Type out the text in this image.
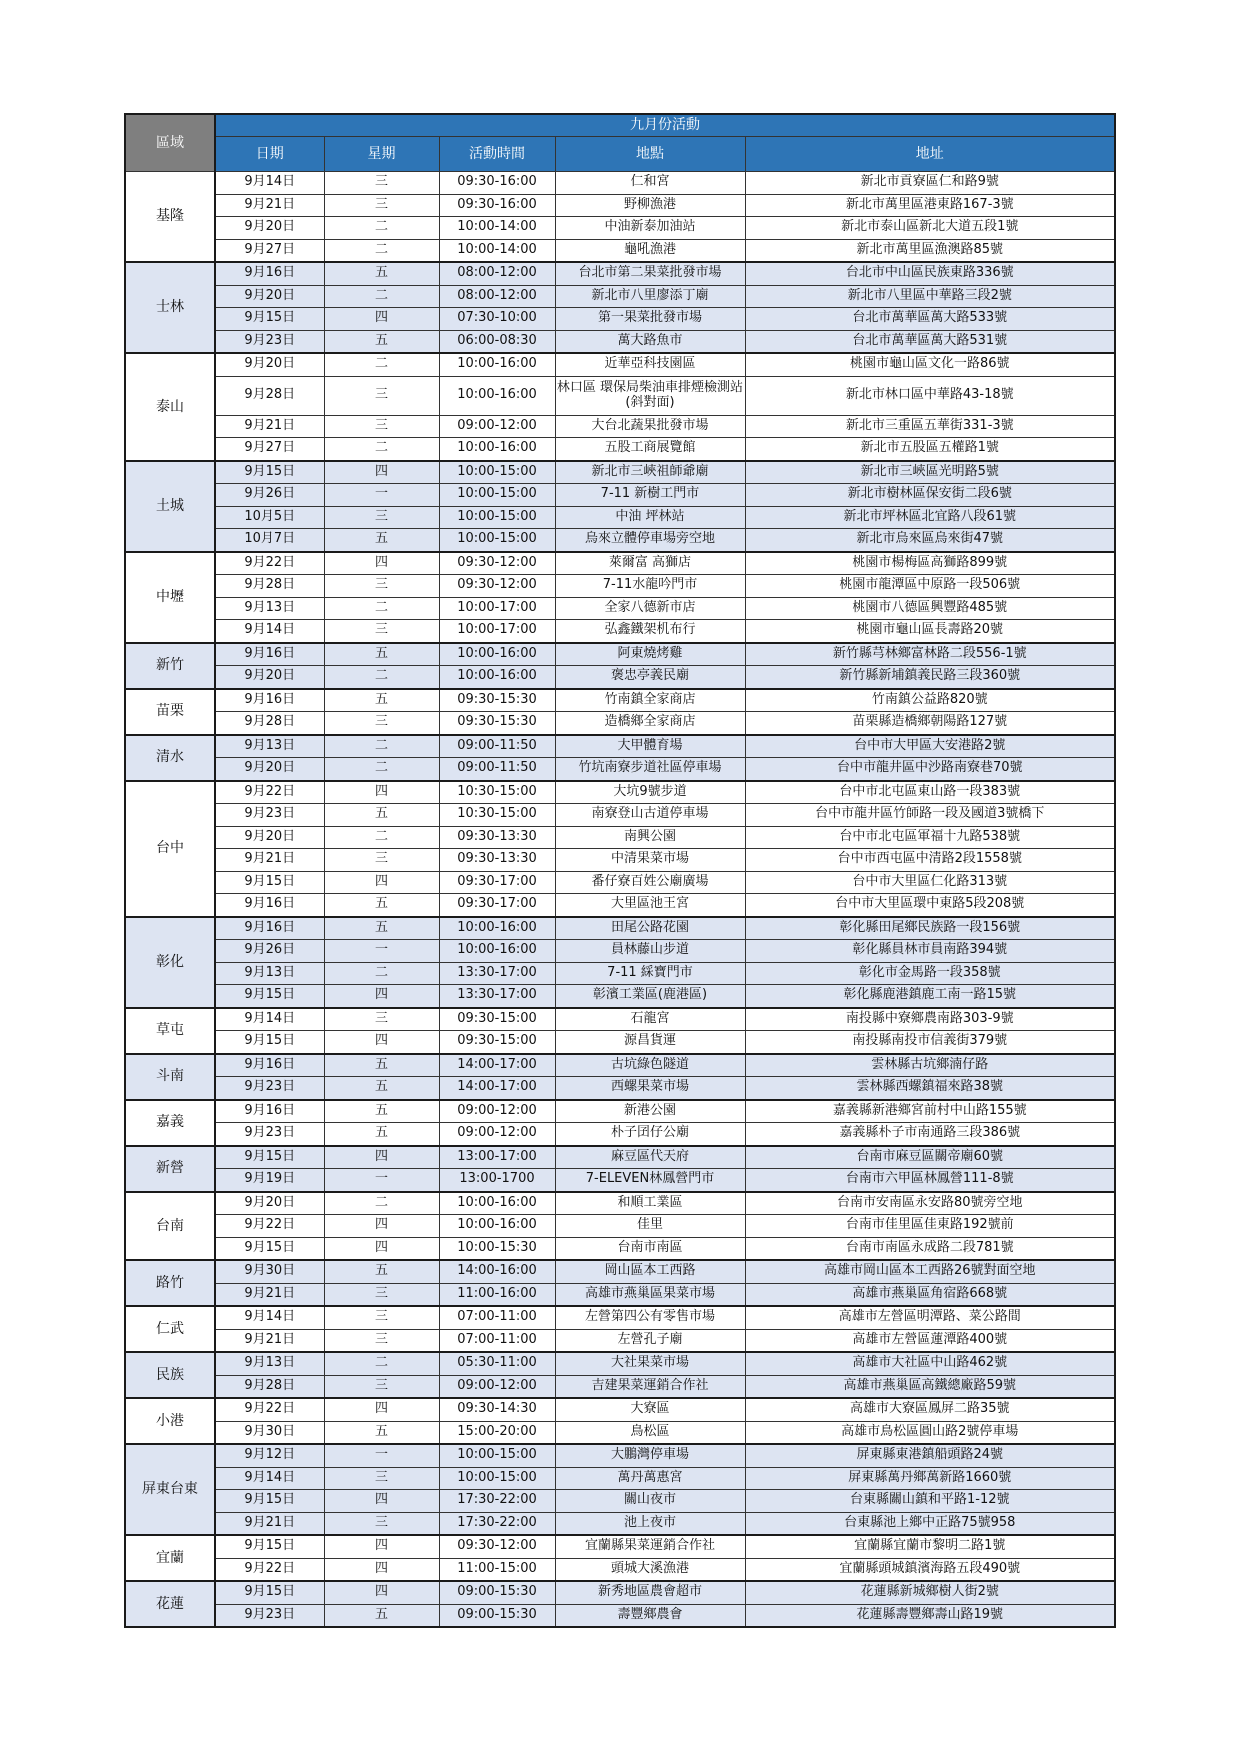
區域	九月份活動				
	日期	星期	活動時間	地點	地址
基隆	9月14日	三	09:30-16:00	仁和宮	新北市貢寮區仁和路9號
	9月21日	三	09:30-16:00	野柳漁港	新北市萬里區港東路167-3號
	9月20日	二	10:00-14:00	中油新泰加油站	新北市泰山區新北大道五段1號
	9月27日	二	10:00-14:00	龜吼漁港	新北市萬里區漁澳路85號
士林	9月16日	五	08:00-12:00	台北市第二果菜批發市場	台北市中山區民族東路336號
	9月20日	二	08:00-12:00	新北市八里廖添丁廟	新北市八里區中華路三段2號
	9月15日	四	07:30-10:00	第一果菜批發市場	台北市萬華區萬大路533號
	9月23日	五	06:00-08:30	萬大路魚市	台北市萬華區萬大路531號
泰山	9月20日	二	10:00-16:00	近華亞科技園區	桃園市龜山區文化一路86號
	9月28日	三	10:00-16:00	林口區 環保局柴油車排煙檢測站
(斜對面)	新北市林口區中華路43-18號
	9月21日	三	09:00-12:00	大台北蔬果批發市場	新北市三重區五華街331-3號
	9月27日	二	10:00-16:00	五股工商展覽館	新北市五股區五權路1號
土城	9月15日	四	10:00-15:00	新北市三峽祖師爺廟	新北市三峽區光明路5號
	9月26日	一	10:00-15:00	7-11 新樹工門市	新北市樹林區保安街二段6號
	10月5日	三	10:00-15:00	中油 坪林站	新北市坪林區北宜路八段61號
	10月7日	五	10:00-15:00	烏來立體停車場旁空地	新北市烏來區烏來街47號
中壢	9月22日	四	09:30-12:00	萊爾富 高獅店	桃園市楊梅區高獅路899號
	9月28日	三	09:30-12:00	7-11水龍吟門市	桃園市龍潭區中原路一段506號
	9月13日	二	10:00-17:00	全家八德新市店	桃園市八德區興豐路485號
	9月14日	三	10:00-17:00	弘鑫鐵架机布行	桃園市龜山區長壽路20號
新竹	9月16日	五	10:00-16:00	阿東燒烤雞	新竹縣芎林鄉富林路二段556-1號
	9月20日	二	10:00-16:00	褒忠亭義民廟	新竹縣新埔鎮義民路三段360號
苗栗	9月16日	五	09:30-15:30	竹南鎮全家商店	竹南鎮公益路820號
	9月28日	三	09:30-15:30	造橋鄉全家商店	苗栗縣造橋鄉朝陽路127號
清水	9月13日	二	09:00-11:50	大甲體育場	台中市大甲區大安港路2號
	9月20日	二	09:00-11:50	竹坑南寮步道社區停車場	台中市龍井區中沙路南寮巷70號
台中	9月22日	四	10:30-15:00	大坑9號步道	台中市北屯區東山路一段383號
	9月23日	五	10:30-15:00	南寮登山古道停車場	台中市龍井區竹師路一段及國道3號橋下
	9月20日	二	09:30-13:30	南興公園	台中市北屯區軍福十九路538號
	9月21日	三	09:30-13:30	中清果菜市場	台中市西屯區中清路2段1558號
	9月15日	四	09:30-17:00	番仔寮百姓公廟廣場	台中市大里區仁化路313號
	9月16日	五	09:30-17:00	大里區池王宮	台中市大里區環中東路5段208號
彰化	9月16日	五	10:00-16:00	田尾公路花園	彰化縣田尾鄉民族路一段156號
	9月26日	一	10:00-16:00	員林藤山步道	彰化縣員林市員南路394號
	9月13日	二	13:30-17:00	7-11 綵寶門市	彰化市金馬路一段358號
	9月15日	四	13:30-17:00	彰濱工業區(鹿港區)	彰化縣鹿港鎮鹿工南一路15號
草屯	9月14日	三	09:30-15:00	石龍宮	南投縣中寮鄉農南路303-9號
	9月15日	四	09:30-15:00	源昌貨運	南投縣南投市信義街379號
斗南	9月16日	五	14:00-17:00	古坑綠色隧道	雲林縣古坑鄉湳仔路
	9月23日	五	14:00-17:00	西螺果菜市場	雲林縣西螺鎮福來路38號
嘉義	9月16日	五	09:00-12:00	新港公園	嘉義縣新港鄉宮前村中山路155號
	9月23日	五	09:00-12:00	朴子囝仔公廟	嘉義縣朴子市南通路三段386號
新營	9月15日	四	13:00-17:00	麻豆區代天府	台南市麻豆區關帝廟60號
	9月19日	一	13:00-1700	7-ELEVEN林鳳營門市	台南市六甲區林鳳營111-8號
台南	9月20日	二	10:00-16:00	和順工業區	台南市安南區永安路80號旁空地
	9月22日	四	10:00-16:00	佳里	台南市佳里區佳東路192號前
	9月15日	四	10:00-15:30	台南市南區	台南市南區永成路二段781號
路竹	9月30日	五	14:00-16:00	岡山區本工西路	高雄市岡山區本工西路26號對面空地
	9月21日	三	11:00-16:00	高雄市燕巢區果菜市場	高雄市燕巢區角宿路668號
仁武	9月14日	三	07:00-11:00	左營第四公有零售市場	高雄市左營區明潭路、菜公路間
	9月21日	三	07:00-11:00	左營孔子廟	高雄市左營區蓮潭路400號
民族	9月13日	二	05:30-11:00	大社果菜市場	高雄市大社區中山路462號
	9月28日	三	09:00-12:00	吉建果菜運銷合作社	高雄市燕巢區高鐵總廠路59號
小港	9月22日	四	09:30-14:30	大寮區	高雄市大寮區鳳屏二路35號
	9月30日	五	15:00-20:00	鳥松區	高雄市鳥松區圓山路2號停車場
屏東台東	9月12日	一	10:00-15:00	大鵬灣停車場	屏東縣東港鎮船頭路24號
	9月14日	三	10:00-15:00	萬丹萬惠宮	屏東縣萬丹鄉萬新路1660號
	9月15日	四	17:30-22:00	關山夜市	台東縣關山鎮和平路1-12號
	9月21日	三	17:30-22:00	池上夜市	台東縣池上鄉中正路75號958
宜蘭	9月15日	四	09:30-12:00	宜蘭縣果菜運銷合作社	宜蘭縣宜蘭市黎明二路1號
	9月22日	四	11:00-15:00	頭城大溪漁港	宜蘭縣頭城鎮濱海路五段490號
花蓮	9月15日	四	09:00-15:30	新秀地區農會超市	花蓮縣新城鄉樹人街2號
	9月23日	五	09:00-15:30	壽豐鄉農會	花蓮縣壽豐鄉壽山路19號
